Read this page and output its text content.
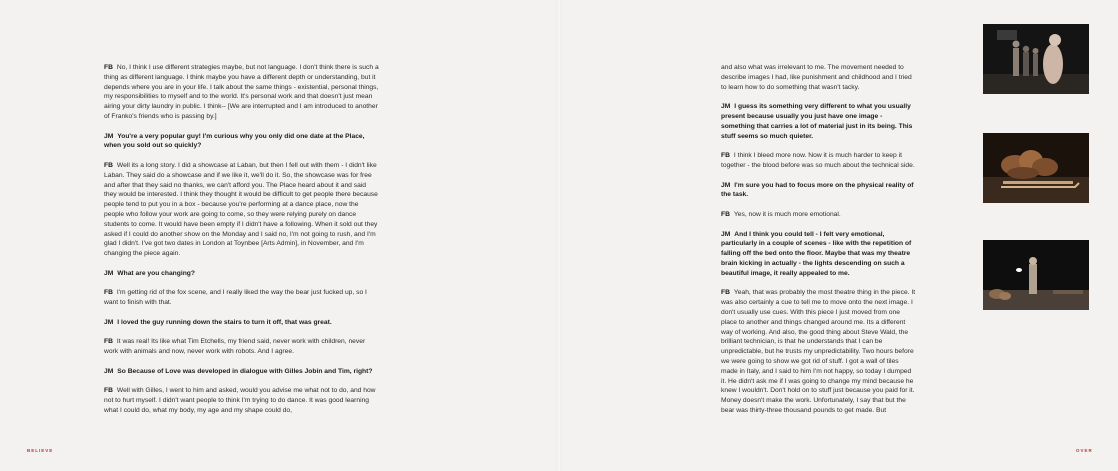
FB No, I think I use different strategies maybe, but not language. I don't think there is such a thing as different language. I think maybe you have a different depth or understanding, but it depends where you are in your life. I talk about the same things - existential, personal things, my responsibilities to myself and to the world. It's personal work and that doesn't just mean airing your dirty laundry in public. I think-- [We are interrupted and I am introduced to another of Franko's friends who is passing by.]

JM You're a very popular guy! I'm curious why you only did one date at the Place, when you sold out so quickly?

FB Well its a long story. I did a showcase at Laban, but then I fell out with them - I didn't like Laban. They said do a showcase and if we like it, we'll do it. So, the showcase was for free and after that they said no thanks, we can't afford you. The Place heard about it and said they would be interested. I think they thought it would be difficult to get people there because people tend to put you in a box - because you're performing at a dance place, now the people who follow your work are going to come, so they were relying purely on dance students to come. It would have been empty if I didn't have a following. When it sold out they asked if I could do another show on the Monday and I said no, I'm not going to rush, and I'm glad I didn't. I've got two dates in London at Toynbee [Arts Admin], in November, and I'm changing the piece again.

JM What are you changing?

FB I'm getting rid of the fox scene, and I really liked the way the bear just fucked up, so I want to finish with that.

JM I loved the guy running down the stairs to turn it off, that was great.

FB It was real! Its like what Tim Etchells, my friend said, never work with children, never work with animals and now, never work with robots. And I agree.

JM So Because of Love was developed in dialogue with Gilles Jobin and Tim, right?

FB Well with Gilles, I went to him and asked, would you advise me what not to do, and how not to hurt myself. I didn't want people to think I'm trying to do dance. It was good learning what I could do, what my body, my age and my shape could do,

and also what was irrelevant to me. The movement needed to describe images I had, like punishment and childhood and I tried to learn how to do something that wasn't tacky.

JM I guess its something very different to what you usually present because usually you just have one image - something that carries a lot of material just in its being. This stuff seems so much quieter.

FB I think I bleed more now. Now it is much harder to keep it together - the blood before was so much about the technical side.

JM I'm sure you had to focus more on the physical reality of the task.

FB Yes, now it is much more emotional.

JM And I think you could tell - I felt very emotional, particularly in a couple of scenes - like with the repetition of falling off the bed onto the floor. Maybe that was my theatre brain kicking in actually - the lights descending on such a beautiful image, it really appealed to me.

FB Yeah, that was probably the most theatre thing in the piece. It was also certainly a cue to tell me to move onto the next image. I don't usually use cues. With this piece I just moved from one place to another and things changed around me. Its a different way of working. And also, the good thing about Steve Wald, the brilliant technician, is that he understands that I can be unpredictable, but he trusts my unpredictability. Two hours before we were going to show we got rid of stuff. I got a wall of tiles made in Italy, and I said to him I'm not happy, so today I dumped it. He didn't ask me if I was going to change my mind because he knew I wouldn't. Don't hold on to stuff just because you paid for it. Money doesn't make the work. Unfortunately, I say that but the bear was thirty-three thousand pounds to get made. But

BELIEVE	OVER
